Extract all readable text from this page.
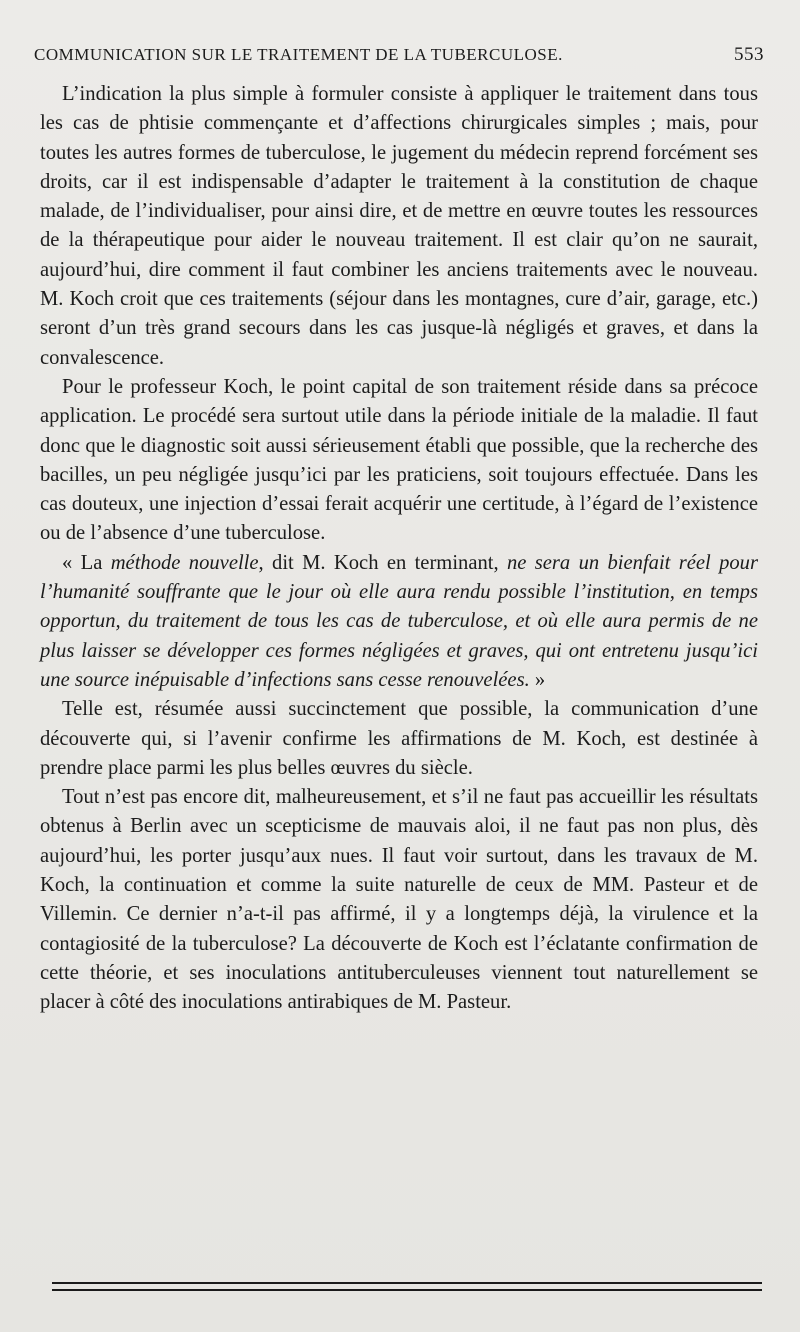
COMMUNICATION SUR LE TRAITEMENT DE LA TUBERCULOSE.	553

L’indication la plus simple à formuler consiste à appliquer le traitement dans tous les cas de phtisie commençante et d’affections chirurgicales simples ; mais, pour toutes les autres formes de tuberculose, le jugement du médecin reprend forcément ses droits, car il est indispensable d’adapter le traitement à la constitution de chaque malade, de l’individualiser, pour ainsi dire, et de mettre en œuvre toutes les ressources de la thérapeutique pour aider le nouveau traitement. Il est clair qu’on ne saurait, aujourd’hui, dire comment il faut combiner les anciens traitements avec le nouveau. M. Koch croit que ces traitements (séjour dans les montagnes, cure d’air, garage, etc.) seront d’un très grand secours dans les cas jusque-là négligés et graves, et dans la convalescence.

Pour le professeur Koch, le point capital de son traitement réside dans sa précoce application. Le procédé sera surtout utile dans la période initiale de la maladie. Il faut donc que le diagnostic soit aussi sérieusement établi que possible, que la recherche des bacilles, un peu négligée jusqu’ici par les praticiens, soit toujours effectuée. Dans les cas douteux, une injection d’essai ferait acquérir une certitude, à l’égard de l’existence ou de l’absence d’une tuberculose.

« La méthode nouvelle, dit M. Koch en terminant, ne sera un bienfait réel pour l’humanité souffrante que le jour où elle aura rendu possible l’institution, en temps opportun, du traitement de tous les cas de tuberculose, et où elle aura permis de ne plus laisser se développer ces formes négligées et graves, qui ont entretenu jusqu’ici une source inépuisable d’infections sans cesse renouvelées. »

Telle est, résumée aussi succinctement que possible, la communication d’une découverte qui, si l’avenir confirme les affirmations de M. Koch, est destinée à prendre place parmi les plus belles œuvres du siècle.

Tout n’est pas encore dit, malheureusement, et s’il ne faut pas accueillir les résultats obtenus à Berlin avec un scepticisme de mauvais aloi, il ne faut pas non plus, dès aujourd’hui, les porter jusqu’aux nues. Il faut voir surtout, dans les travaux de M. Koch, la continuation et comme la suite naturelle de ceux de MM. Pasteur et de Villemin. Ce dernier n’a-t-il pas affirmé, il y a longtemps déjà, la virulence et la contagiosité de la tuberculose? La découverte de Koch est l’éclatante confirmation de cette théorie, et ses inoculations antituberculeuses viennent tout naturellement se placer à côté des inoculations antirabiques de M. Pasteur.
